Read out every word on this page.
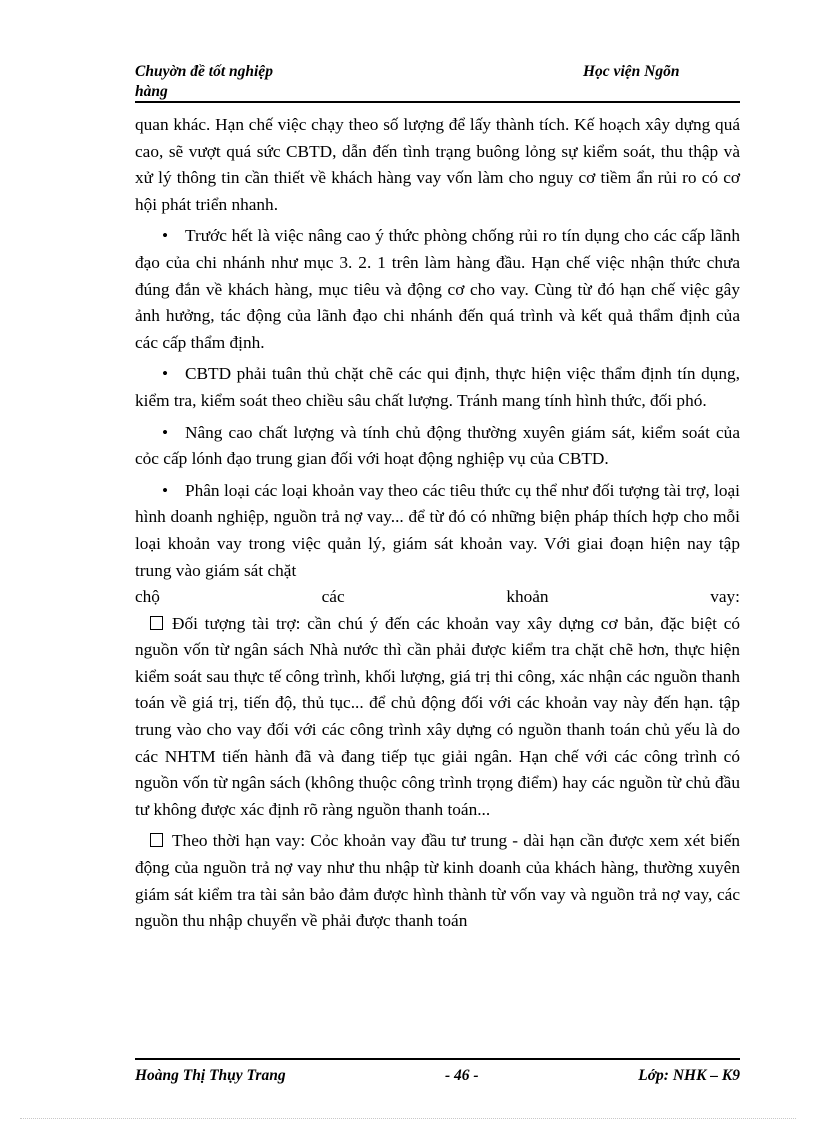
Chuyờn đề tốt nghiệp
hàng
Học viện Ngõn

quan khác. Hạn chế việc chạy theo số lượng để lấy thành tích. Kế hoạch xây dựng quá cao, sẽ vượt quá sức CBTD, dẫn đến tình trạng buông lỏng sự kiểm soát, thu thập và xử lý thông tin cần thiết về khách hàng vay vốn làm cho nguy cơ tiềm ẩn rủi ro có cơ hội phát triển nhanh.

• Trước hết là việc nâng cao ý thức phòng chống rủi ro tín dụng cho các cấp lãnh đạo của chi nhánh như mục 3. 2. 1 trên làm hàng đầu. Hạn chế việc nhận thức chưa đúng đắn về khách hàng, mục tiêu và động cơ cho vay. Cùng từ đó hạn chế việc gây ảnh hưởng, tác động của lãnh đạo chi nhánh đến quá trình và kết quả thẩm định của các cấp thẩm định.

• CBTD phải tuân thủ chặt chẽ các qui định, thực hiện việc thẩm định tín dụng, kiểm tra, kiểm soát theo chiều sâu chất lượng. Tránh mang tính hình thức, đối phó.

• Nâng cao chất lượng và tính chủ động thường xuyên giám sát, kiểm soát của cỏc cấp lónh đạo trung gian đối với hoạt động nghiệp vụ của CBTD.

• Phân loại các loại khoản vay theo các tiêu thức cụ thể như đối tượng tài trợ, loại hình doanh nghiệp, nguồn trả nợ vay... để từ đó có những biện pháp thích hợp cho mỗi loại khoản vay trong việc quản lý, giám sát khoản vay. Với giai đoạn hiện nay tập trung vào giám sát chặt

chộ các khoản vay:

Đối tượng tài trợ: cần chú ý đến các khoản vay xây dựng cơ bản, đặc biệt có nguồn vốn từ ngân sách Nhà nước thì cần phải được kiểm tra chặt chẽ hơn, thực hiện kiểm soát sau thực tế công trình, khối lượng, giá trị thi công, xác nhận các nguồn thanh toán về giá trị, tiến độ, thủ tục... để chủ động đối với các khoản vay này đến hạn. tập trung vào cho vay đối với các công trình xây dựng có nguồn thanh toán chủ yếu là do các NHTM tiến hành đã và đang tiếp tục giải ngân. Hạn chế với các công trình có nguồn vốn từ ngân sách (không thuộc công trình trọng điểm) hay các nguồn từ chủ đầu tư không được xác định rõ ràng nguồn thanh toán...

Theo thời hạn vay: Cỏc khoản vay đầu tư trung - dài hạn cần được xem xét biến động của nguồn trả nợ vay như thu nhập từ kinh doanh của khách hàng, thường xuyên giám sát kiểm tra tài sản bảo đảm được hình thành từ vốn vay và nguồn trả nợ vay, các nguồn thu nhập chuyển về phải được thanh toán

Hoàng Thị Thụy Trang	- 46 -	Lớp: NHK – K9
